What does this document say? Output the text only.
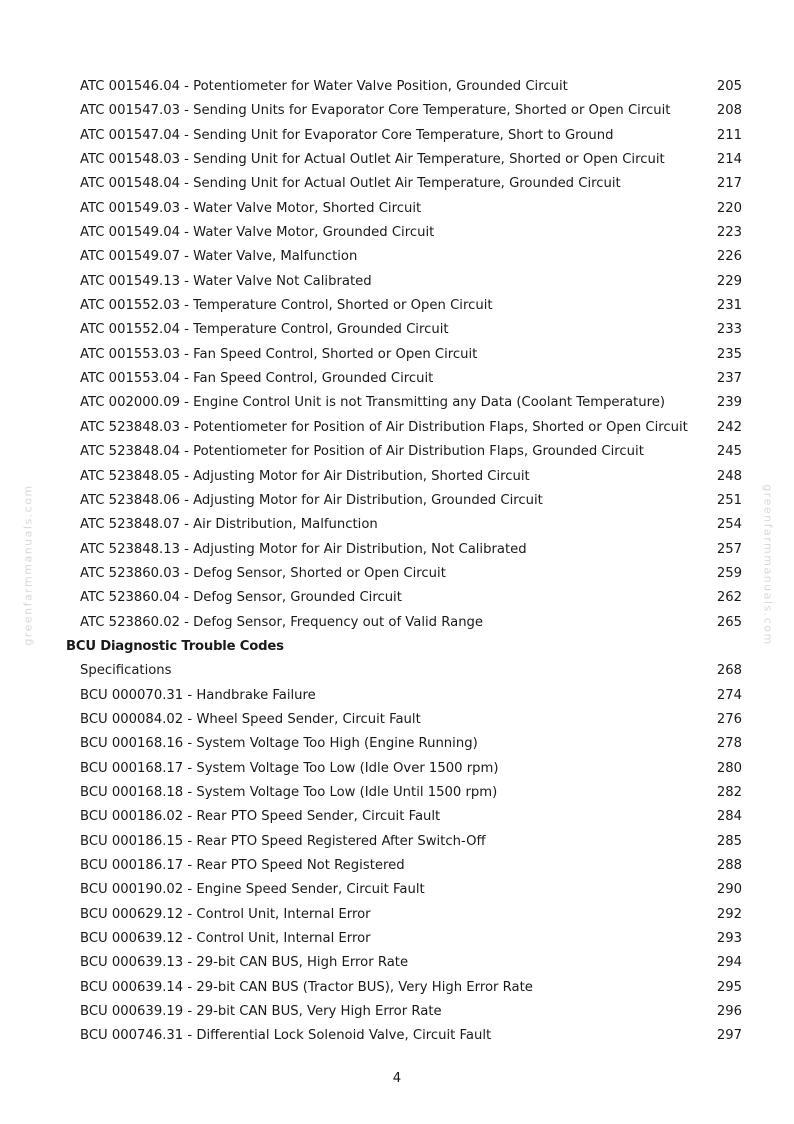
ATC 001546.04 - Potentiometer for Water Valve Position, Grounded Circuit	205
ATC 001547.03 - Sending Units for Evaporator Core Temperature, Shorted or Open Circuit	208
ATC 001547.04 - Sending Unit for Evaporator Core Temperature, Short to Ground	211
ATC 001548.03 - Sending Unit for Actual Outlet Air Temperature, Shorted or Open Circuit	214
ATC 001548.04 - Sending Unit for Actual Outlet Air Temperature, Grounded Circuit	217
ATC 001549.03 - Water Valve Motor, Shorted Circuit	220
ATC 001549.04 - Water Valve Motor, Grounded Circuit	223
ATC 001549.07 - Water Valve, Malfunction	226
ATC 001549.13 - Water Valve Not Calibrated	229
ATC 001552.03 - Temperature Control, Shorted or Open Circuit	231
ATC 001552.04 - Temperature Control, Grounded Circuit	233
ATC 001553.03 - Fan Speed Control, Shorted or Open Circuit	235
ATC 001553.04 - Fan Speed Control, Grounded Circuit	237
ATC 002000.09 - Engine Control Unit is not Transmitting any Data (Coolant Temperature)	239
ATC 523848.03 - Potentiometer for Position of Air Distribution Flaps, Shorted or Open Circuit 242
ATC 523848.04 - Potentiometer for Position of Air Distribution Flaps, Grounded Circuit	245
ATC 523848.05 - Adjusting Motor for Air Distribution, Shorted Circuit	248
ATC 523848.06 - Adjusting Motor for Air Distribution, Grounded Circuit	251
ATC 523848.07 - Air Distribution, Malfunction	254
ATC 523848.13 - Adjusting Motor for Air Distribution, Not Calibrated	257
ATC 523860.03 - Defog Sensor, Shorted or Open Circuit	259
ATC 523860.04 - Defog Sensor, Grounded Circuit	262
ATC 523860.02 - Defog Sensor, Frequency out of Valid Range	265
BCU Diagnostic Trouble Codes
Specifications	268
BCU 000070.31 - Handbrake Failure	274
BCU 000084.02 - Wheel Speed Sender, Circuit Fault	276
BCU 000168.16 - System Voltage Too High (Engine Running)	278
BCU 000168.17 - System Voltage Too Low (Idle Over 1500 rpm)	280
BCU 000168.18 - System Voltage Too Low (Idle Until 1500 rpm)	282
BCU 000186.02 - Rear PTO Speed Sender, Circuit Fault	284
BCU 000186.15 - Rear PTO Speed Registered After Switch-Off	285
BCU 000186.17 - Rear PTO Speed Not Registered	288
BCU 000190.02 - Engine Speed Sender, Circuit Fault	290
BCU 000629.12 - Control Unit, Internal Error	292
BCU 000639.12 - Control Unit, Internal Error	293
BCU 000639.13 - 29-bit CAN BUS, High Error Rate	294
BCU 000639.14 - 29-bit CAN BUS (Tractor BUS), Very High Error Rate	295
BCU 000639.19 - 29-bit CAN BUS, Very High Error Rate	296
BCU 000746.31 - Differential Lock Solenoid Valve, Circuit Fault	297
greenfarmmanuals.com	greenfarmmanuals.com
4
